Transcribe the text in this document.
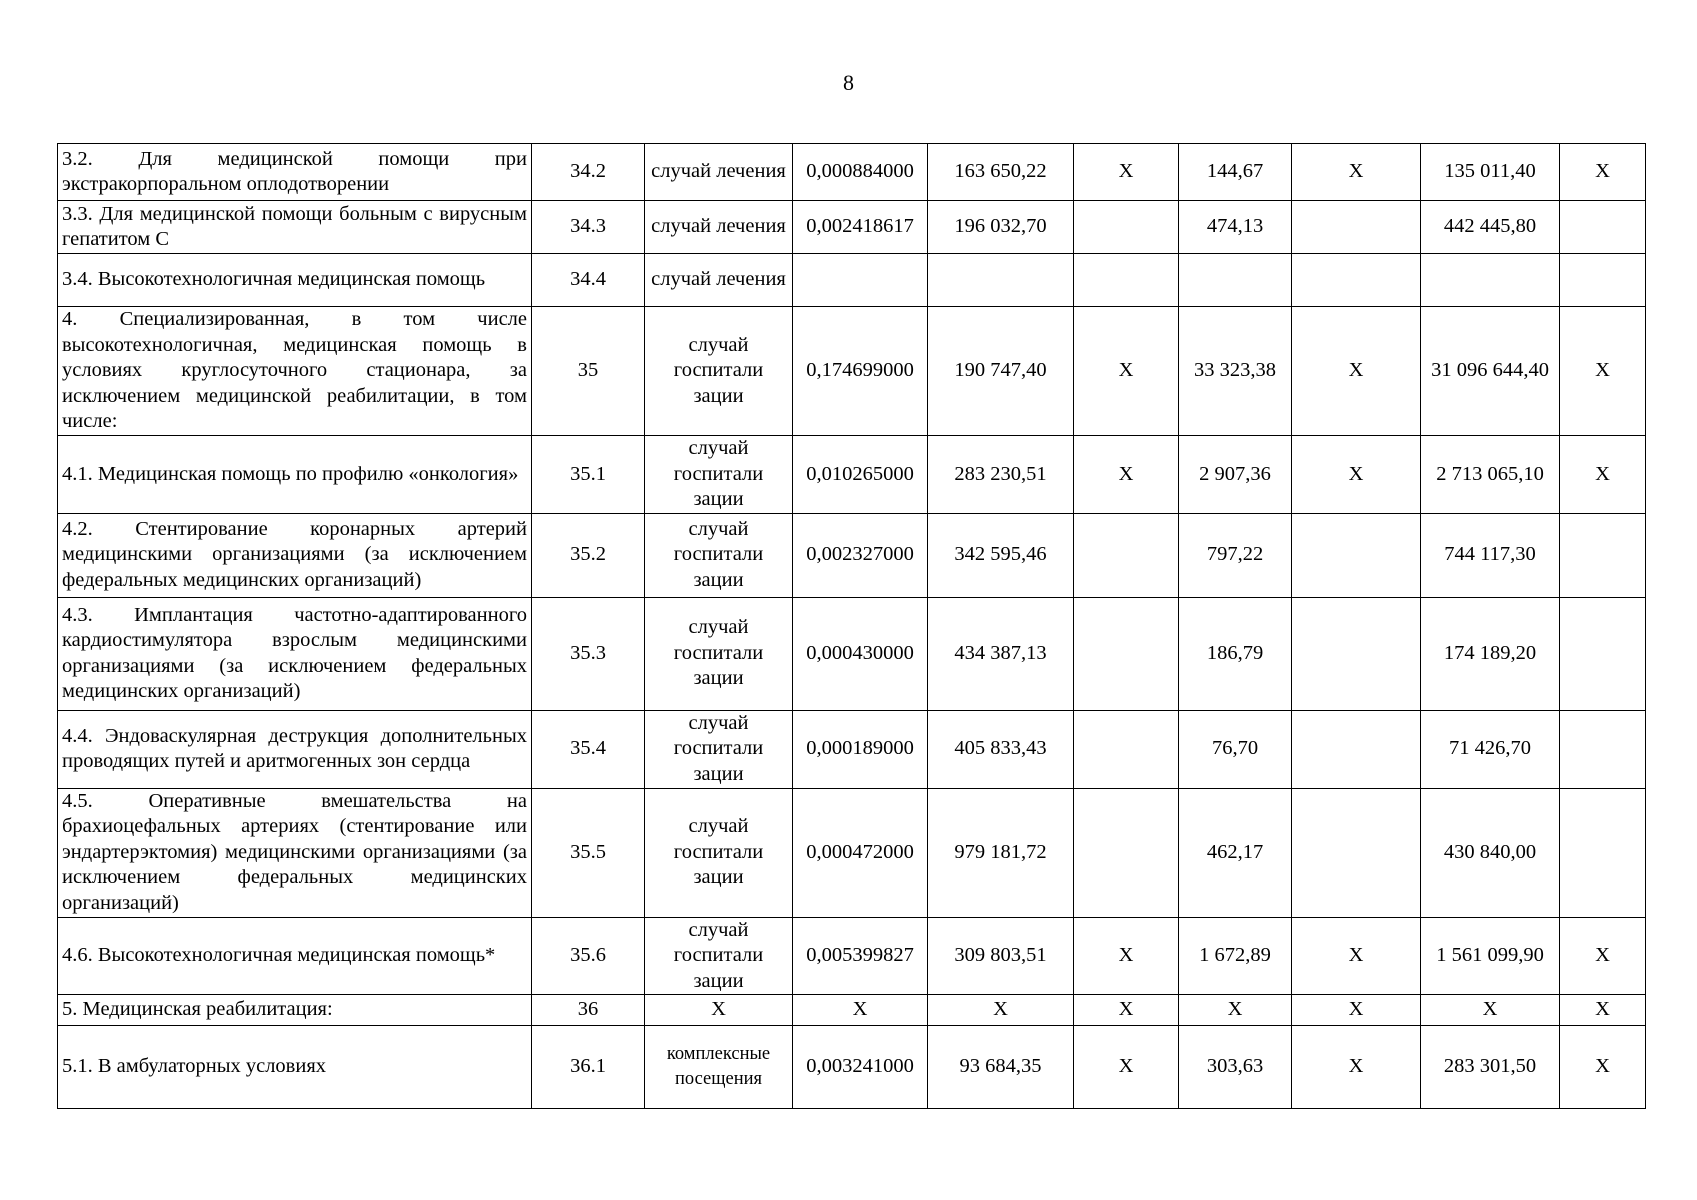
8
3.2. Для медицинской помощи при экстракорпоральном оплодотворении	34.2	случай лечения	0,000884000	163 650,22	X	144,67	X	135 011,40	X
3.3. Для медицинской помощи больным с вирусным гепатитом С	34.3	случай лечения	0,002418617	196 032,70		474,13		442 445,80	
3.4. Высокотехнологичная медицинская помощь	34.4	случай лечения							
4. Специализированная, в том числе высокотехнологичная, медицинская помощь в условиях круглосуточного стационара, за исключением медицинской реабилитации, в том числе:	35	случай госпитали зации	0,174699000	190 747,40	X	33 323,38	X	31 096 644,40	X
4.1. Медицинская помощь по профилю «онкология»	35.1	случай госпитали зации	0,010265000	283 230,51	X	2 907,36	X	2 713 065,10	X
4.2. Стентирование коронарных артерий медицинскими организациями (за исключением федеральных медицинских организаций)	35.2	случай госпитали зации	0,002327000	342 595,46		797,22		744 117,30	
4.3. Имплантация частотно-адаптированного кардиостимулятора взрослым медицинскими организациями (за исключением федеральных медицинских организаций)	35.3	случай госпитали зации	0,000430000	434 387,13		186,79		174 189,20	
4.4. Эндоваскулярная деструкция дополнительных проводящих путей и аритмогенных зон сердца	35.4	случай госпитали зации	0,000189000	405 833,43		76,70		71 426,70	
4.5. Оперативные вмешательства на брахиоцефальных артериях (стентирование или эндартерэктомия) медицинскими организациями (за исключением федеральных медицинских организаций)	35.5	случай госпитали зации	0,000472000	979 181,72		462,17		430 840,00	
4.6. Высокотехнологичная медицинская помощь*	35.6	случай госпитали зации	0,005399827	309 803,51	X	1 672,89	X	1 561 099,90	X
5. Медицинская реабилитация:	36	X	X	X	X	X	X	X	X
5.1. В амбулаторных условиях	36.1	комплексные посещения	0,003241000	93 684,35	X	303,63	X	283 301,50	X
